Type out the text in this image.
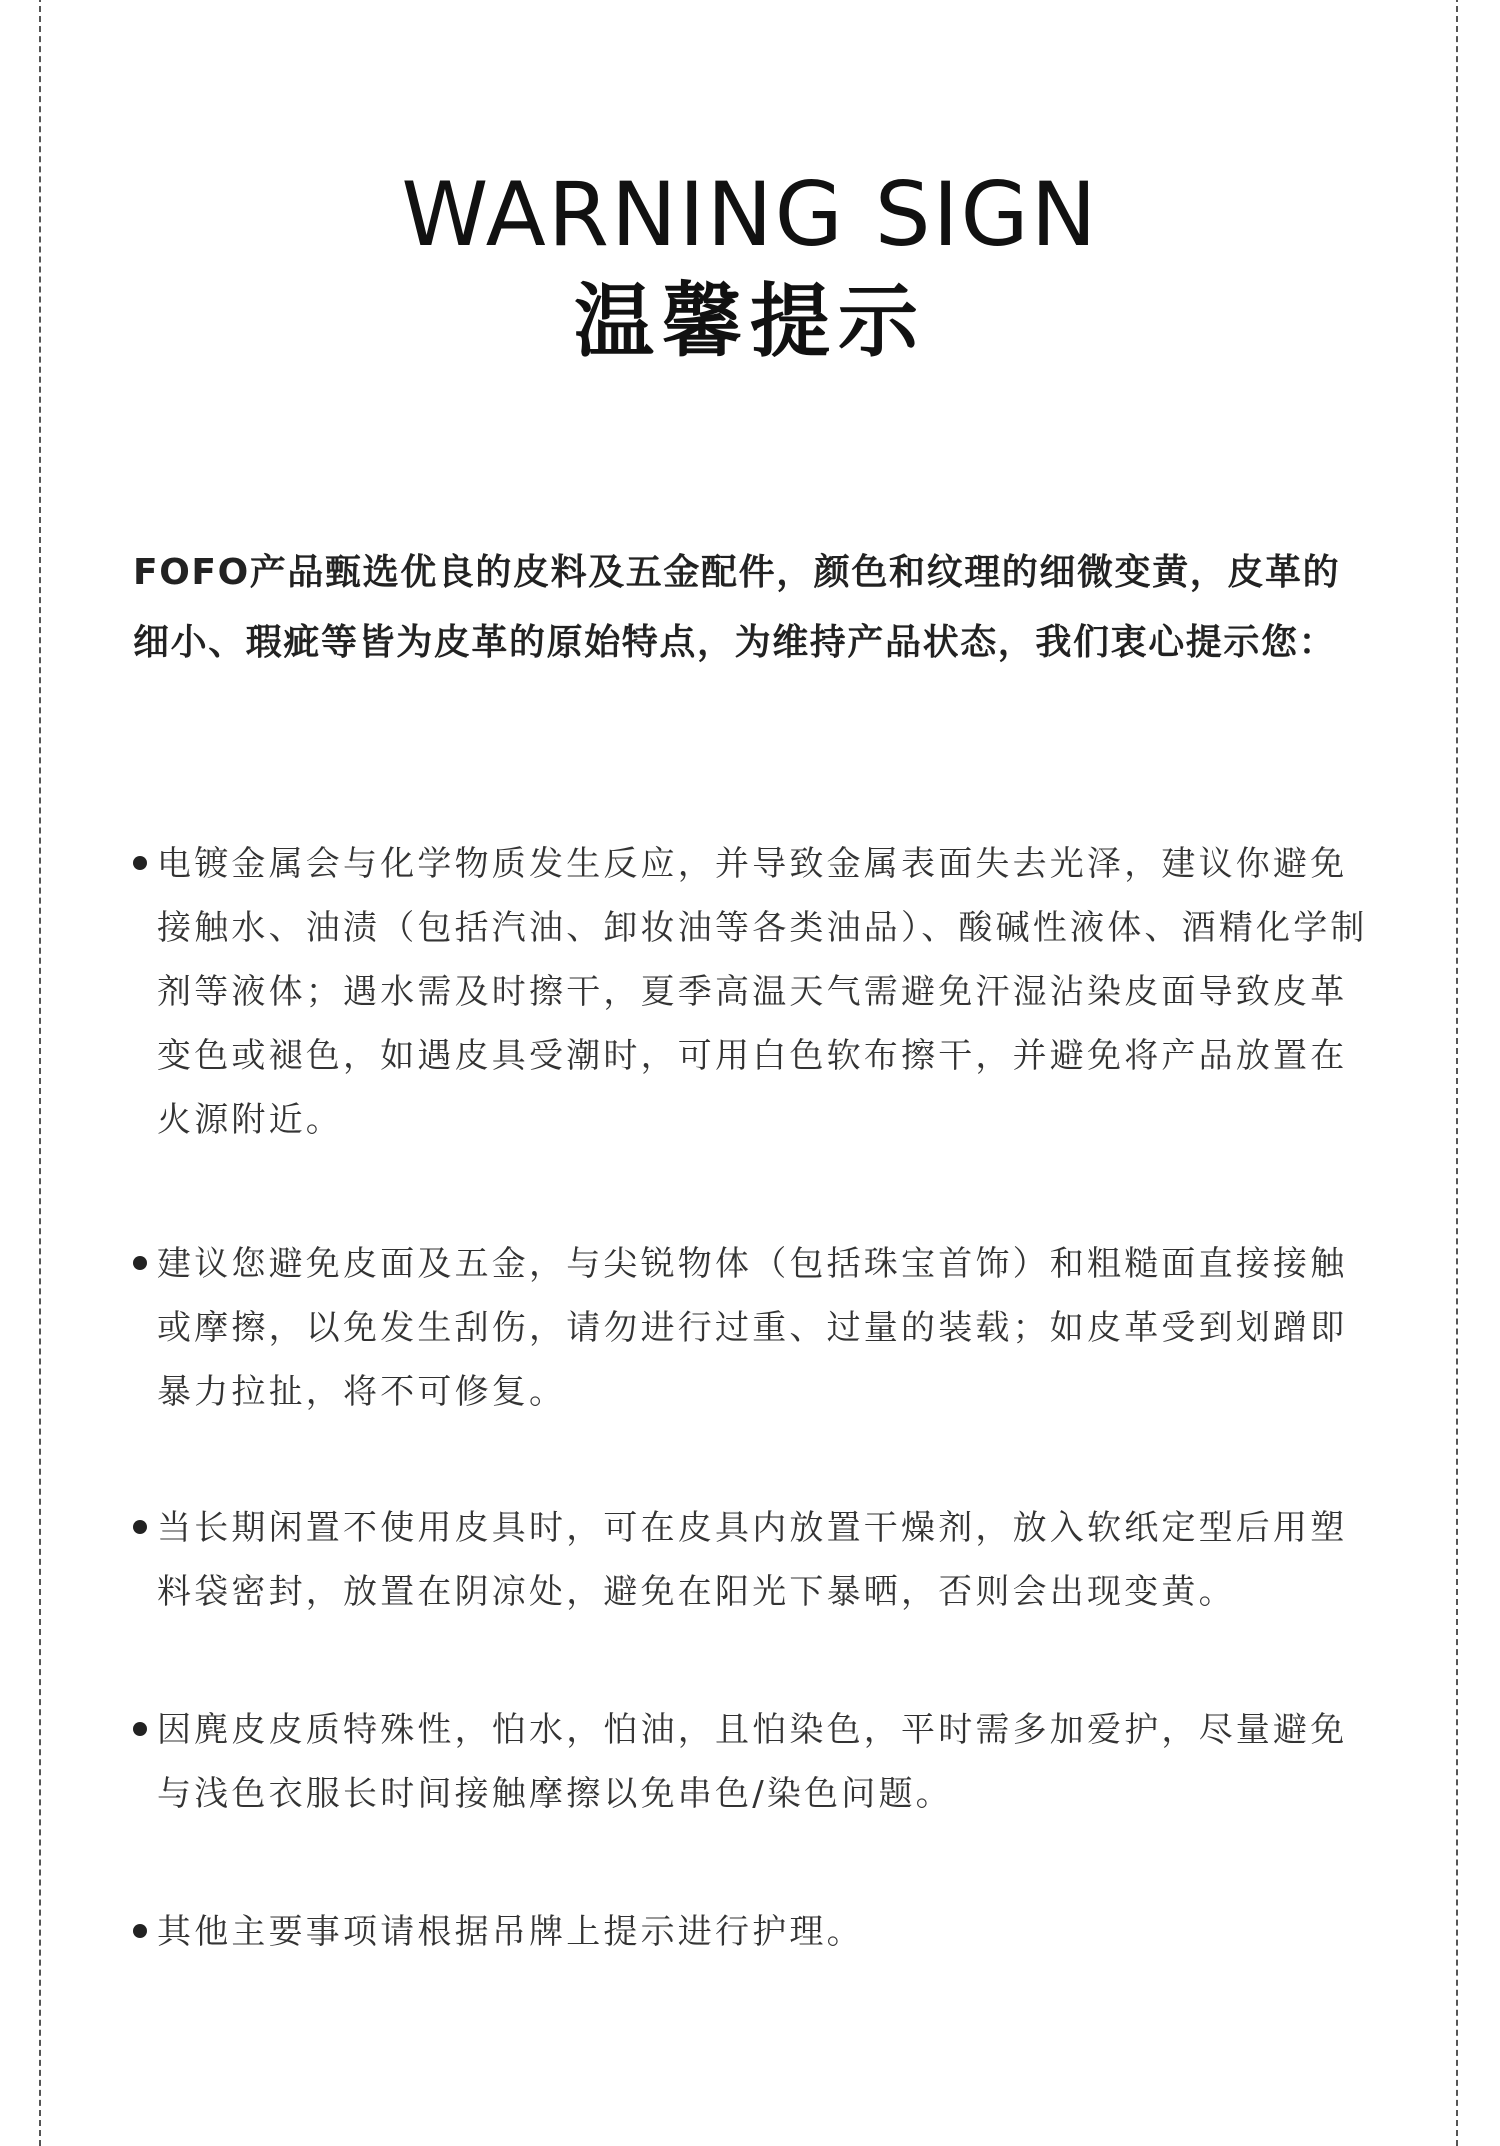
WARNING SIGN
温馨提示

FOFO产品甄选优良的皮料及五金配件，颜色和纹理的细微变黄，皮革的细小、瑕疵等皆为皮革的原始特点，为维持产品状态，我们衷心提示您：

电镀金属会与化学物质发生反应，并导致金属表面失去光泽，建议你避免接触水、油渍（包括汽油、卸妆油等各类油品）、酸碱性液体、酒精化学制剂等液体；遇水需及时擦干，夏季高温天气需避免汗湿沾染皮面导致皮革变色或褪色，如遇皮具受潮时，可用白色软布擦干，并避免将产品放置在火源附近。
建议您避免皮面及五金，与尖锐物体（包括珠宝首饰）和粗糙面直接接触或摩擦，以免发生刮伤，请勿进行过重、过量的装载；如皮革受到划蹭即暴力拉扯，将不可修复。
当长期闲置不使用皮具时，可在皮具内放置干燥剂，放入软纸定型后用塑料袋密封，放置在阴凉处，避免在阳光下暴晒，否则会出现变黄。
因麂皮皮质特殊性，怕水，怕油，且怕染色，平时需多加爱护，尽量避免与浅色衣服长时间接触摩擦以免串色/染色问题。
其他主要事项请根据吊牌上提示进行护理。
